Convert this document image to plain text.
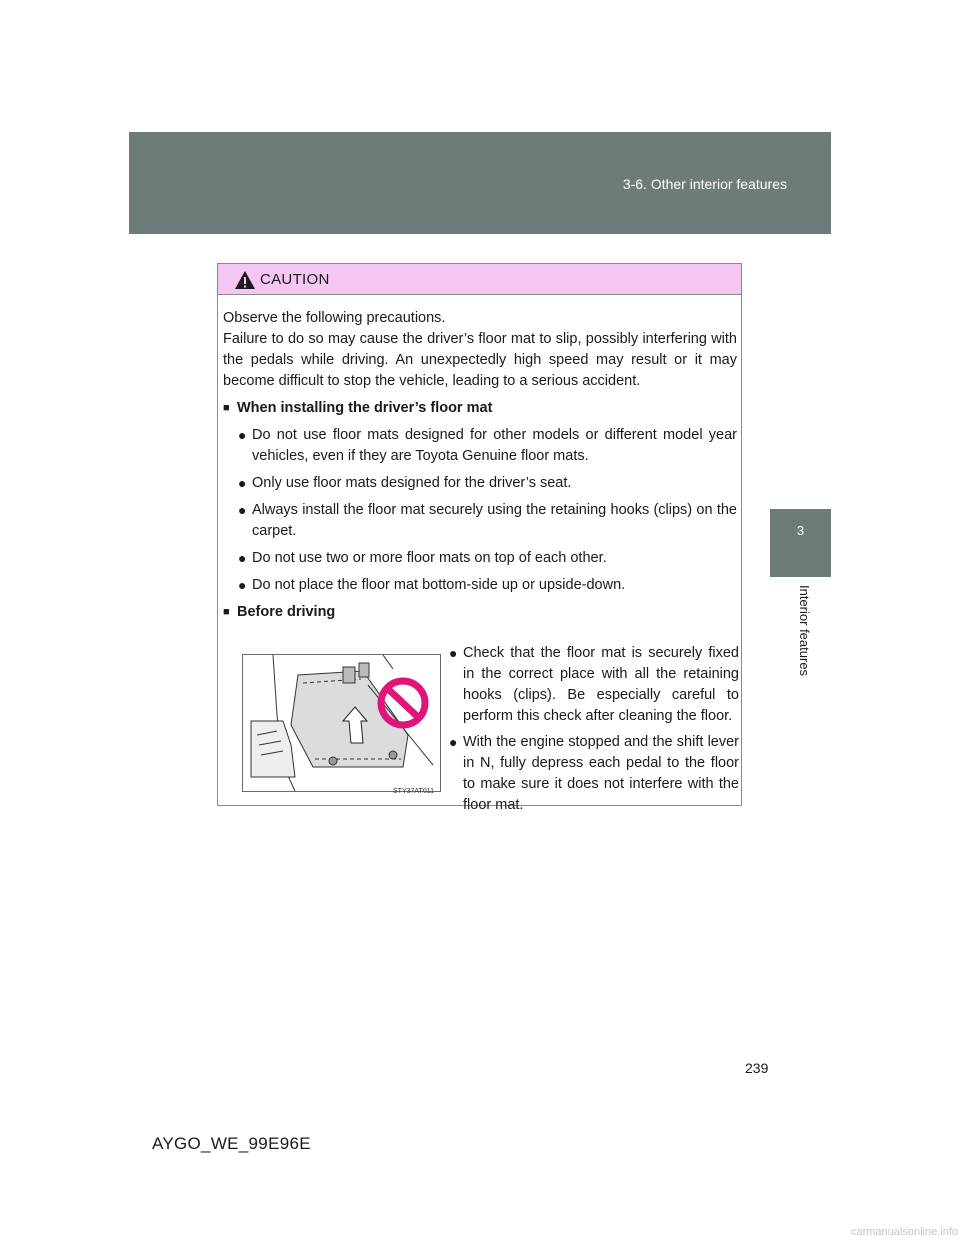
3-6. Other interior features
3
Interior features
CAUTION

Observe the following precautions.

Failure to do so may cause the driver’s floor mat to slip, possibly interfering with the pedals while driving. An unexpectedly high speed may result or it may become difficult to stop the vehicle, leading to a serious accident.

■ When installing the driver’s floor mat
● Do not use floor mats designed for other models or different model year vehicles, even if they are Toyota Genuine floor mats.
● Only use floor mats designed for the driver’s seat.
● Always install the floor mat securely using the retaining hooks (clips) on the carpet.
● Do not use two or more floor mats on top of each other.
● Do not place the floor mat bottom-side up or upside-down.
■ Before driving
STY37AT011
● Check that the floor mat is securely fixed in the correct place with all the retaining hooks (clips). Be especially careful to perform this check after cleaning the floor.
● With the engine stopped and the shift lever in N, fully depress each pedal to the floor to make sure it does not interfere with the floor mat.
239
AYGO_WE_99E96E
carmanualsonline.info
